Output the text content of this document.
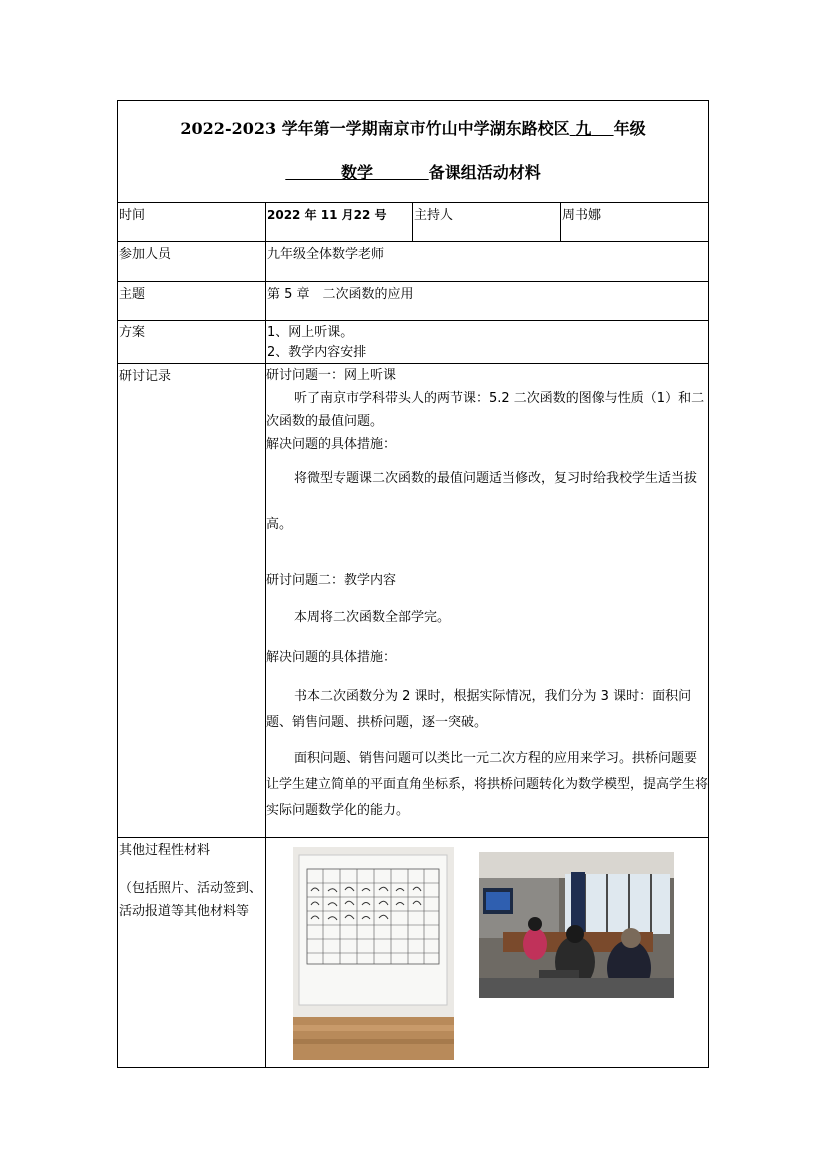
2022-2023 学年第一学期南京市竹山中学湖东路校区 九 年级
数学	备课组活动材料
时间	2022 年 11 月22 号 主持人	周书娜
参加人员	九年级全体数学老师
主题	第 5 章　二次函数的应用
方案	1、网上听课。
2、教学内容安排
研讨记录	研讨问题一：网上听课

听了南京市学科带头人的两节课：5.2 二次函数的图像与性质（1）和二次函数的最值问题。

解决问题的具体措施：

将微型专题课二次函数的最值问题适当修改，复习时给我校学生适当拔高。

研讨问题二：教学内容

本周将二次函数全部学完。

解决问题的具体措施：

书本二次函数分为 2 课时，根据实际情况，我们分为 3 课时：面积问题、销售问题、拱桥问题，逐一突破。

面积问题、销售问题可以类比一元二次方程的应用来学习。拱桥问题要让学生建立简单的平面直角坐标系，将拱桥问题转化为数学模型，提高学生将实际问题数学化的能力。

其他过程性材料
（包括照片、活动签到、活动报道等其他材料等
